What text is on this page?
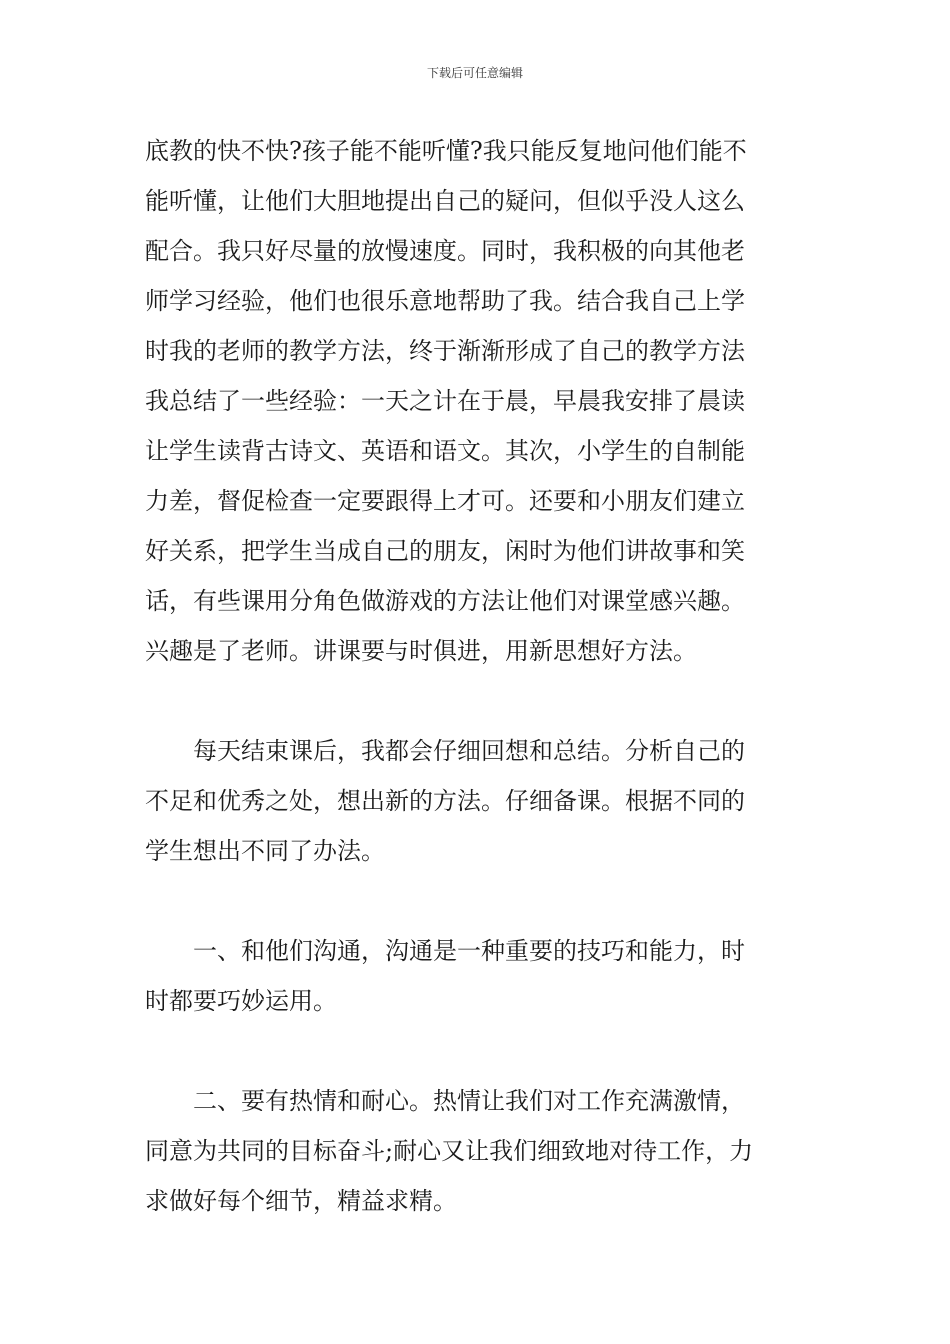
下载后可任意编辑
底教的快不快?孩子能不能听懂?我只能反复地问他们能不
能听懂，让他们大胆地提出自己的疑问，但似乎没人这么
配合。我只好尽量的放慢速度。同时，我积极的向其他老
师学习经验，他们也很乐意地帮助了我。结合我自己上学
时我的老师的教学方法，终于渐渐形成了自己的教学方法
我总结了一些经验：一天之计在于晨，早晨我安排了晨读
让学生读背古诗文、英语和语文。其次，小学生的自制能
力差，督促检查一定要跟得上才可。还要和小朋友们建立
好关系，把学生当成自己的朋友，闲时为他们讲故事和笑
话，有些课用分角色做游戏的方法让他们对课堂感兴趣。
兴趣是了老师。讲课要与时俱进，用新思想好方法。
每天结束课后，我都会仔细回想和总结。分析自己的
不足和优秀之处，想出新的方法。仔细备课。根据不同的
学生想出不同了办法。
一、和他们沟通，沟通是一种重要的技巧和能力，时
时都要巧妙运用。
二、要有热情和耐心。热情让我们对工作充满激情，
同意为共同的目标奋斗;耐心又让我们细致地对待工作，力
求做好每个细节，精益求精。
